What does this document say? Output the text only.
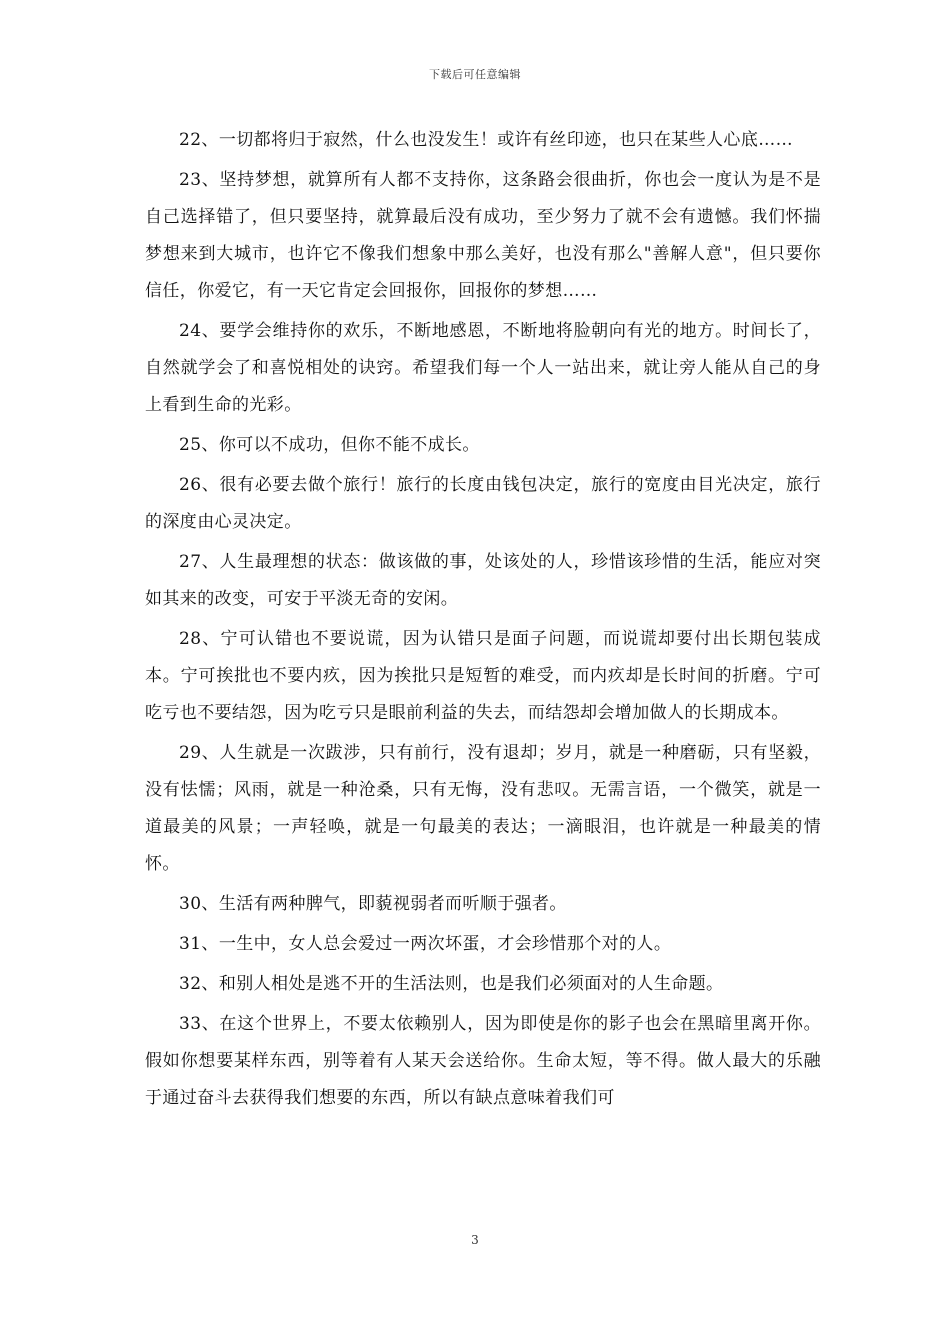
下载后可任意编辑

22、一切都将归于寂然，什么也没发生！或许有丝印迹，也只在某些人心底……

23、坚持梦想，就算所有人都不支持你，这条路会很曲折，你也会一度认为是不是自己选择错了，但只要坚持，就算最后没有成功，至少努力了就不会有遗憾。我们怀揣梦想来到大城市，也许它不像我们想象中那么美好，也没有那么"善解人意"，但只要你信任，你爱它，有一天它肯定会回报你，回报你的梦想……

24、要学会维持你的欢乐，不断地感恩，不断地将脸朝向有光的地方。时间长了，自然就学会了和喜悦相处的诀窍。希望我们每一个人一站出来，就让旁人能从自己的身上看到生命的光彩。

25、你可以不成功，但你不能不成长。

26、很有必要去做个旅行！旅行的长度由钱包决定，旅行的宽度由目光决定，旅行的深度由心灵决定。

27、人生最理想的状态：做该做的事，处该处的人，珍惜该珍惜的生活，能应对突如其来的改变，可安于平淡无奇的安闲。

28、宁可认错也不要说谎，因为认错只是面子问题，而说谎却要付出长期包装成本。宁可挨批也不要内疚，因为挨批只是短暂的难受，而内疚却是长时间的折磨。宁可吃亏也不要结怨，因为吃亏只是眼前利益的失去，而结怨却会增加做人的长期成本。

29、人生就是一次跋涉，只有前行，没有退却；岁月，就是一种磨砺，只有坚毅，没有怯懦；风雨，就是一种沧桑，只有无悔，没有悲叹。无需言语，一个微笑，就是一道最美的风景；一声轻唤，就是一句最美的表达；一滴眼泪，也许就是一种最美的情怀。

30、生活有两种脾气，即藐视弱者而听顺于强者。

31、一生中，女人总会爱过一两次坏蛋，才会珍惜那个对的人。

32、和别人相处是逃不开的生活法则，也是我们必须面对的人生命题。

33、在这个世界上，不要太依赖别人，因为即使是你的影子也会在黑暗里离开你。假如你想要某样东西，别等着有人某天会送给你。生命太短，等不得。做人最大的乐融于通过奋斗去获得我们想要的东西，所以有缺点意味着我们可

3
